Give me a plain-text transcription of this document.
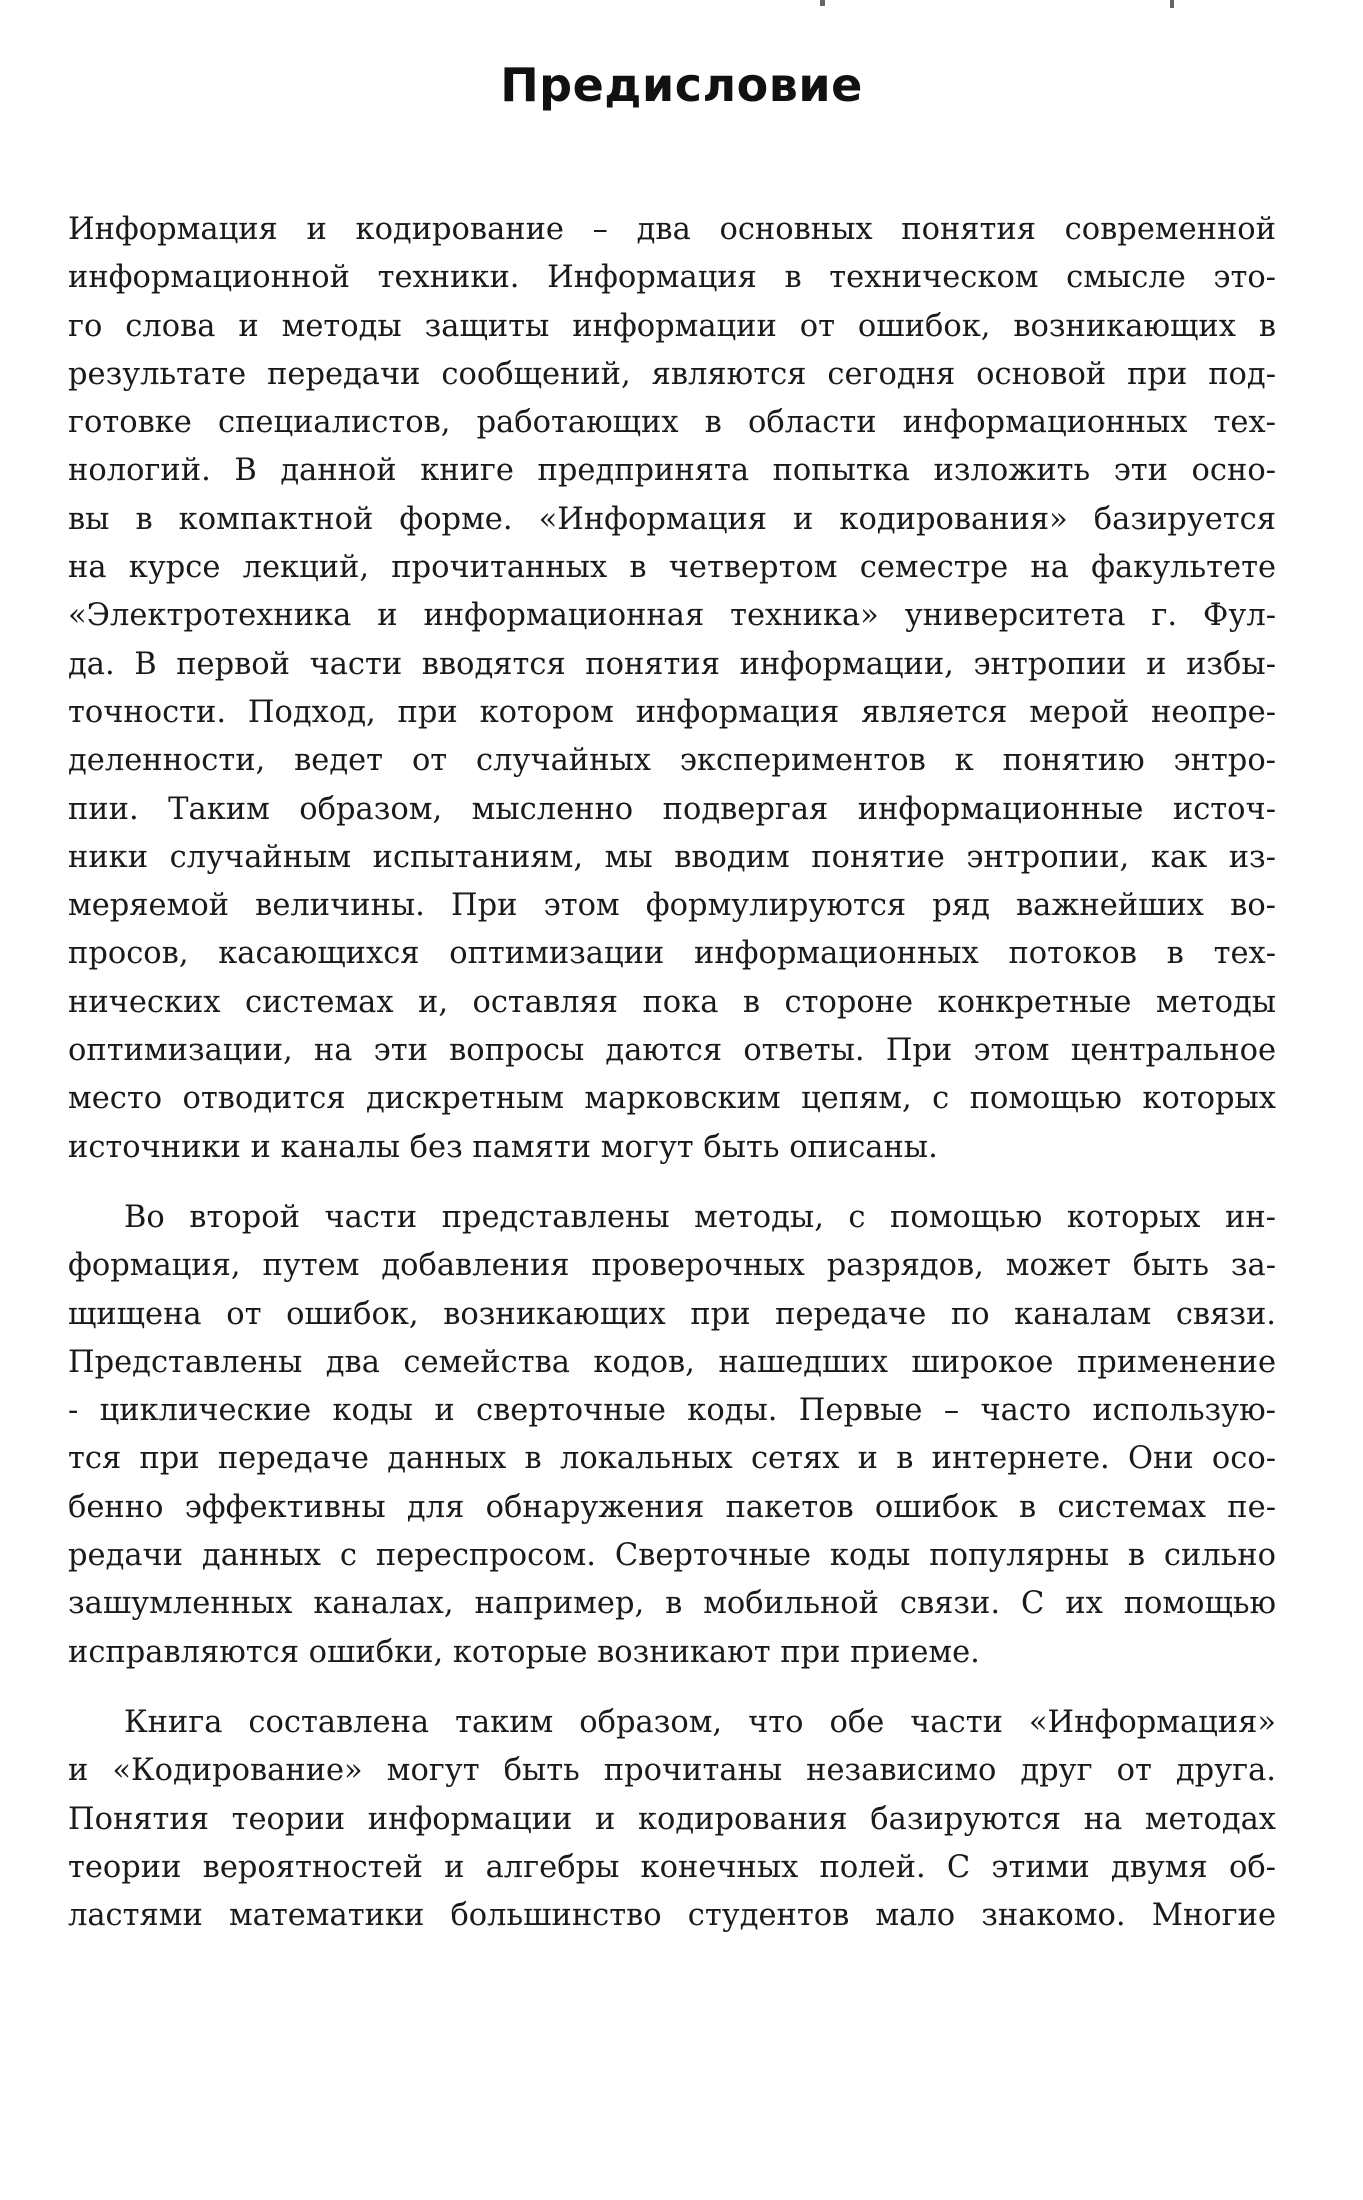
Предисловие
Информация и кодирование – два основных понятия современной
информационной техники. Информация в техническом смысле это-
го слова и методы защиты информации от ошибок, возникающих в
результате передачи сообщений, являются сегодня основой при под-
готовке специалистов, работающих в области информационных тех-
нологий. В данной книге предпринята попытка изложить эти осно-
вы в компактной форме. «Информация и кодирования» базируется
на курсе лекций, прочитанных в четвертом семестре на факультете
«Электротехника и информационная техника» университета г. Фул-
да. В первой части вводятся понятия информации, энтропии и избы-
точности. Подход, при котором информация является мерой неопре-
деленности, ведет от случайных экспериментов к понятию энтро-
пии. Таким образом, мысленно подвергая информационные источ-
ники случайным испытаниям, мы вводим понятие энтропии, как из-
меряемой величины. При этом формулируются ряд важнейших во-
просов, касающихся оптимизации информационных потоков в тех-
нических системах и, оставляя пока в стороне конкретные методы
оптимизации, на эти вопросы даются ответы. При этом центральное
место отводится дискретным марковским цепям, с помощью которых
источники и каналы без памяти могут быть описаны.
Во второй части представлены методы, с помощью которых ин-
формация, путем добавления проверочных разрядов, может быть за-
щищена от ошибок, возникающих при передаче по каналам связи.
Представлены два семейства кодов, нашедших широкое применение
- циклические коды и сверточные коды. Первые – часто использую-
тся при передаче данных в локальных сетях и в интернете. Они осо-
бенно эффективны для обнаружения пакетов ошибок в системах пе-
редачи данных с переспросом. Сверточные коды популярны в сильно
зашумленных каналах, например, в мобильной связи. С их помощью
исправляются ошибки, которые возникают при приеме.
Книга составлена таким образом, что обе части «Информация»
и «Кодирование» могут быть прочитаны независимо друг от друга.
Понятия теории информации и кодирования базируются на методах
теории вероятностей и алгебры конечных полей. С этими двумя об-
ластями математики большинство студентов мало знакомо. Многие
